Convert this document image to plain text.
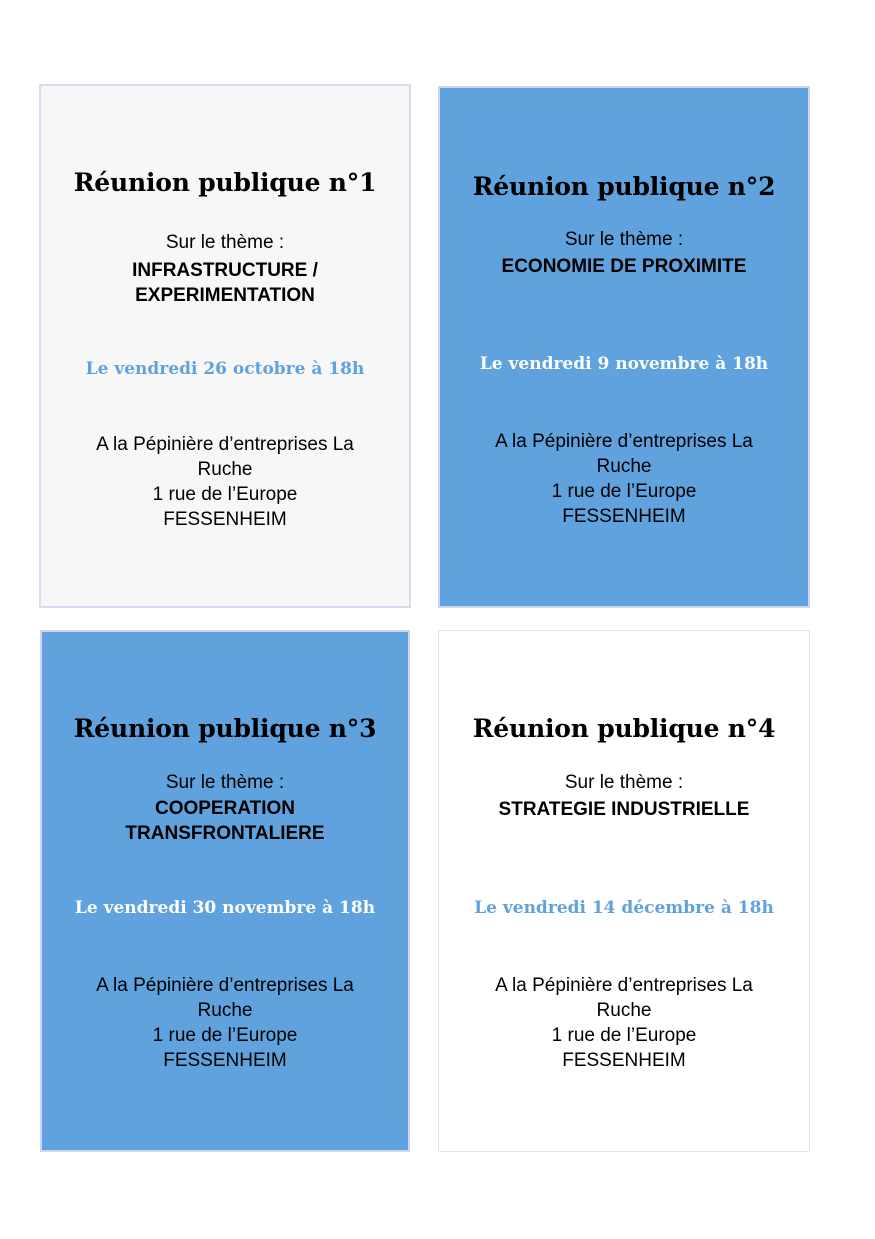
Réunion publique n°1
Sur le thème :
INFRASTRUCTURE /
EXPERIMENTATION
Le vendredi 26 octobre à 18h
A la Pépinière d’entreprises La
Ruche
1 rue de l’Europe
FESSENHEIM
Réunion publique n°2
Sur le thème :
ECONOMIE DE PROXIMITE
Le vendredi 9 novembre à 18h
A la Pépinière d’entreprises La
Ruche
1 rue de l’Europe
FESSENHEIM
Réunion publique n°3
Sur le thème :
COOPERATION
TRANSFRONTALIERE
Le vendredi 30 novembre à 18h
A la Pépinière d’entreprises La
Ruche
1 rue de l’Europe
FESSENHEIM
Réunion publique n°4
Sur le thème :
STRATEGIE INDUSTRIELLE
Le vendredi 14 décembre à 18h
A la Pépinière d’entreprises La
Ruche
1 rue de l’Europe
FESSENHEIM
